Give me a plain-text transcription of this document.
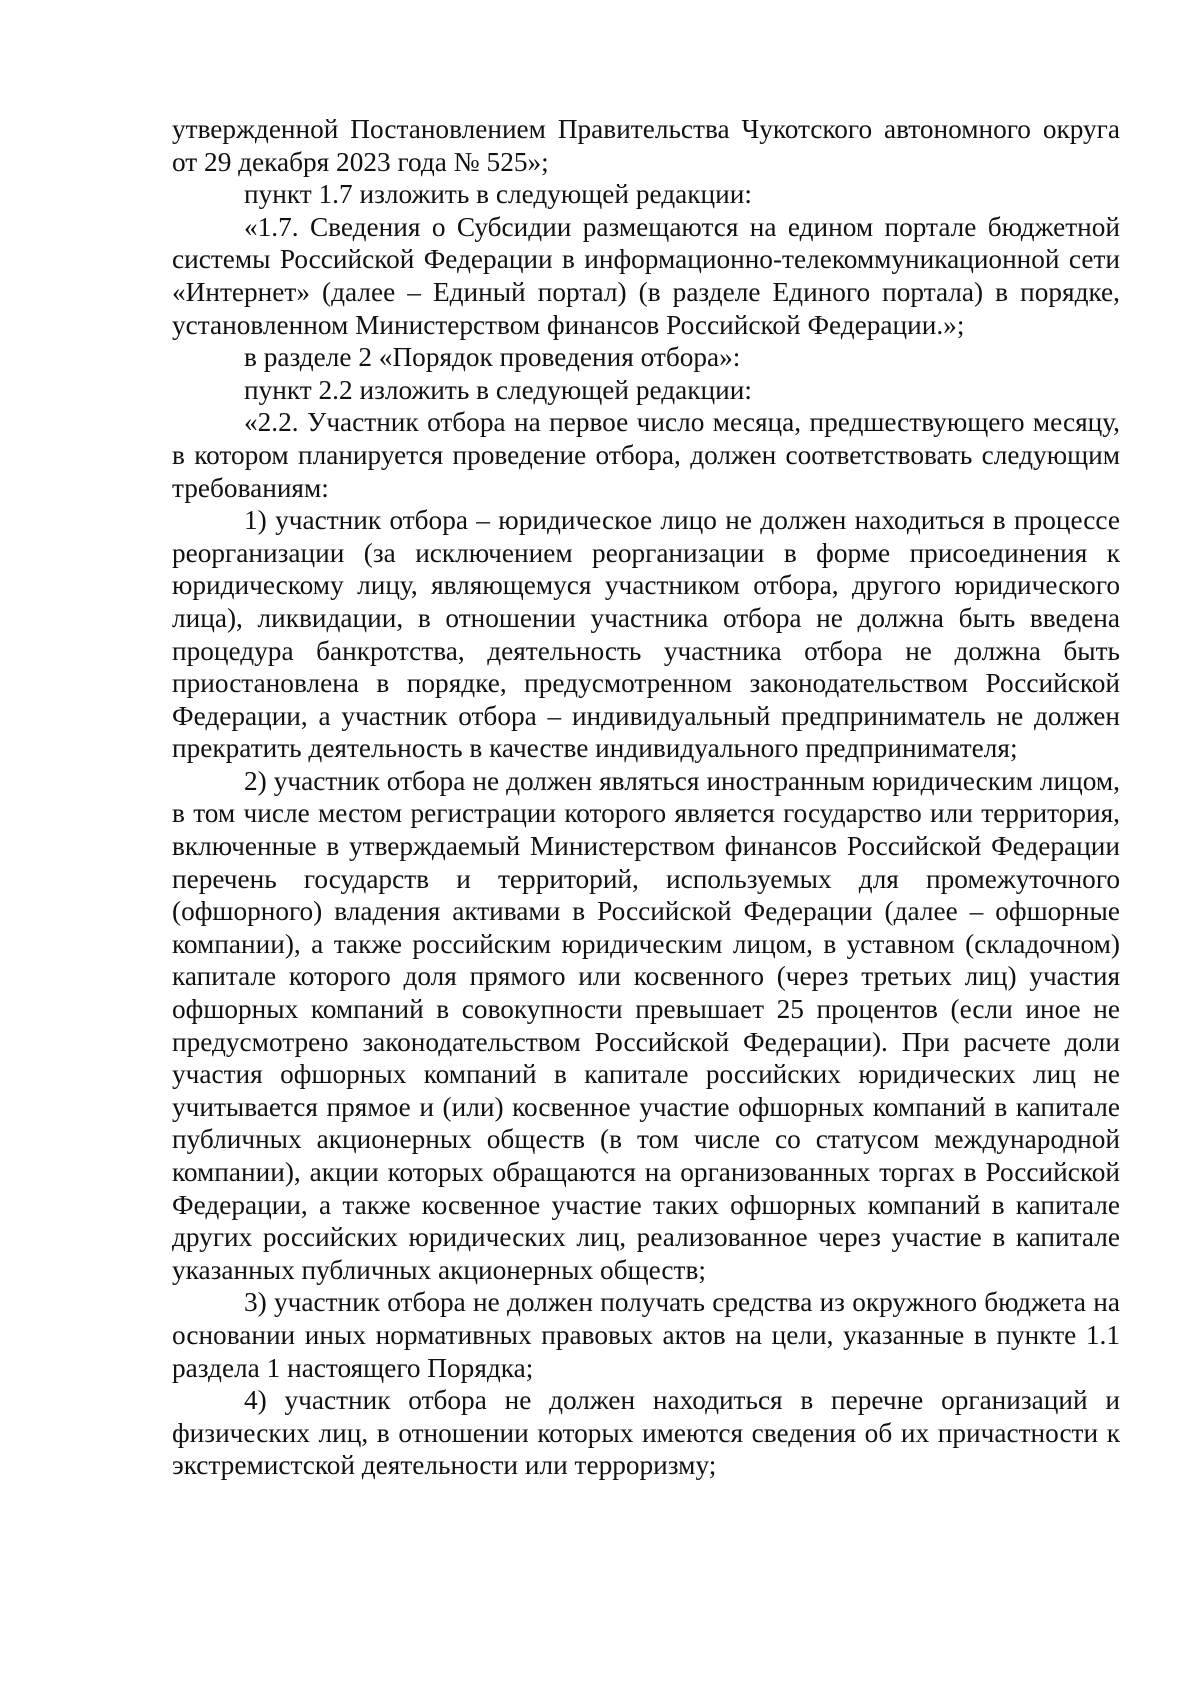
утвержденной Постановлением Правительства Чукотского автономного округа от 29 декабря 2023 года № 525»;

пункт 1.7 изложить в следующей редакции:

«1.7. Сведения о Субсидии размещаются на едином портале бюджетной системы Российской Федерации в информационно-телекоммуникационной сети «Интернет» (далее – Единый портал) (в разделе Единого портала) в порядке, установленном Министерством финансов Российской Федерации.»;

в разделе 2 «Порядок проведения отбора»:

пункт 2.2 изложить в следующей редакции:

«2.2. Участник отбора на первое число месяца, предшествующего месяцу, в котором планируется проведение отбора, должен соответствовать следующим требованиям:

1) участник отбора – юридическое лицо не должен находиться в процессе реорганизации (за исключением реорганизации в форме присоединения к юридическому лицу, являющемуся участником отбора, другого юридического лица), ликвидации, в отношении участника отбора не должна быть введена процедура банкротства, деятельность участника отбора не должна быть приостановлена в порядке, предусмотренном законодательством Российской Федерации, а участник отбора – индивидуальный предприниматель не должен прекратить деятельность в качестве индивидуального предпринимателя;

2) участник отбора не должен являться иностранным юридическим лицом, в том числе местом регистрации которого является государство или территория, включенные в утверждаемый Министерством финансов Российской Федерации перечень государств и территорий, используемых для промежуточного (офшорного) владения активами в Российской Федерации (далее – офшорные компании), а также российским юридическим лицом, в уставном (складочном) капитале которого доля прямого или косвенного (через третьих лиц) участия офшорных компаний в совокупности превышает 25 процентов (если иное не предусмотрено законодательством Российской Федерации). При расчете доли участия офшорных компаний в капитале российских юридических лиц не учитывается прямое и (или) косвенное участие офшорных компаний в капитале публичных акционерных обществ (в том числе со статусом международной компании), акции которых обращаются на организованных торгах в Российской Федерации, а также косвенное участие таких офшорных компаний в капитале других российских юридических лиц, реализованное через участие в капитале указанных публичных акционерных обществ;

3) участник отбора не должен получать средства из окружного бюджета на основании иных нормативных правовых актов на цели, указанные в пункте 1.1 раздела 1 настоящего Порядка;

4) участник отбора не должен находиться в перечне организаций и физических лиц, в отношении которых имеются сведения об их причастности к экстремистской деятельности или терроризму;
